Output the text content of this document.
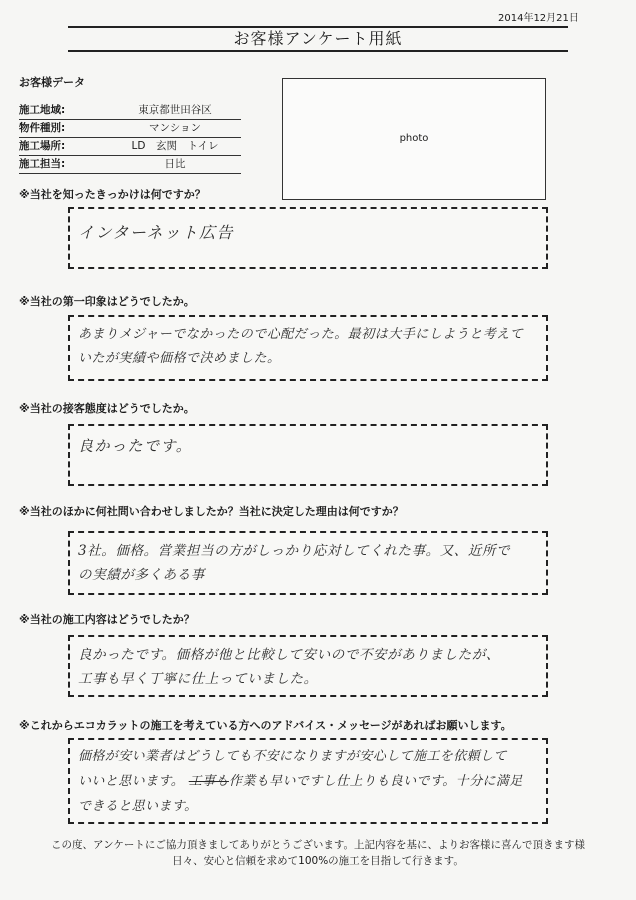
2014年12月21日
お客様アンケート用紙
お客様データ
施工地域:	東京都世田谷区
物件種別:	マンション
施工場所:	LD　玄関　トイレ
施工担当:	日比
photo
※当社を知ったきっかけは何ですか？
インターネット広告
※当社の第一印象はどうでしたか。
あまりメジャーでなかったので心配だった。最初は大手にしようと考えて
いたが実績や価格で決めました。
※当社の接客態度はどうでしたか。
良かったです。
※当社のほかに何社問い合わせしましたか？当社に決定した理由は何ですか？
3社。価格。営業担当の方がしっかり応対してくれた事。又、近所で
の実績が多くある事
※当社の施工内容はどうでしたか？
良かったです。価格が他と比較して安いので不安がありましたが、
工事も早く丁寧に仕上っていました。
※これからエコカラットの施工を考えている方へのアドバイス・メッセージがあればお願いします。
価格が安い業者はどうしても不安になりますが安心して施工を依頼して
いいと思います。 工事も作業も早いですし仕上りも良いです。十分に満足
できると思います。
この度、アンケートにご協力頂きましてありがとうございます。上記内容を基に、よりお客様に喜んで頂きます様
日々、安心と信頼を求めて100%の施工を目指して行きます。
